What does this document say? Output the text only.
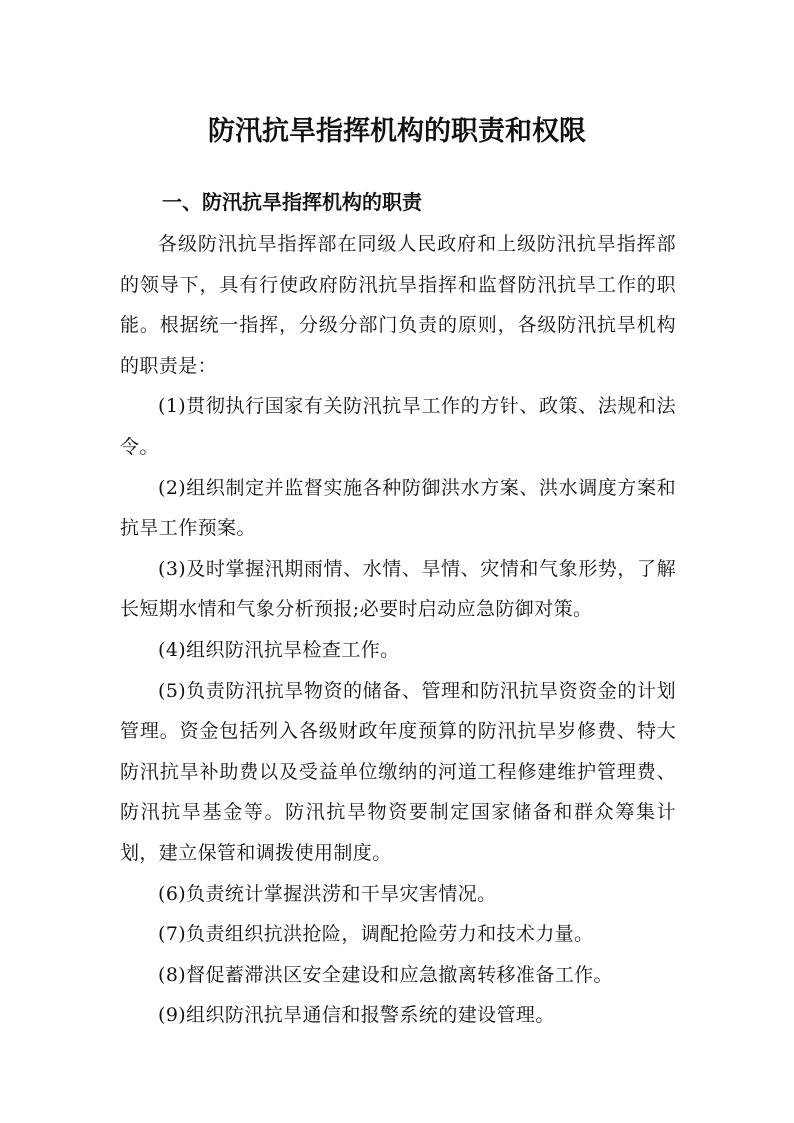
防汛抗旱指挥机构的职责和权限
一、防汛抗旱指挥机构的职责

各级防汛抗旱指挥部在同级人民政府和上级防汛抗旱指挥部的领导下，具有行使政府防汛抗旱指挥和监督防汛抗旱工作的职能。根据统一指挥，分级分部门负责的原则，各级防汛抗旱机构的职责是：

(1)贯彻执行国家有关防汛抗旱工作的方针、政策、法规和法令。

(2)组织制定并监督实施各种防御洪水方案、洪水调度方案和抗旱工作预案。

(3)及时掌握汛期雨情、水情、旱情、灾情和气象形势，了解长短期水情和气象分析预报;必要时启动应急防御对策。

(4)组织防汛抗旱检查工作。

(5)负责防汛抗旱物资的储备、管理和防汛抗旱资资金的计划管理。资金包括列入各级财政年度预算的防汛抗旱岁修费、特大防汛抗旱补助费以及受益单位缴纳的河道工程修建维护管理费、防汛抗旱基金等。防汛抗旱物资要制定国家储备和群众筹集计划，建立保管和调拨使用制度。

(6)负责统计掌握洪涝和干旱灾害情况。

(7)负责组织抗洪抢险，调配抢险劳力和技术力量。

(8)督促蓄滞洪区安全建设和应急撤离转移准备工作。

(9)组织防汛抗旱通信和报警系统的建设管理。
